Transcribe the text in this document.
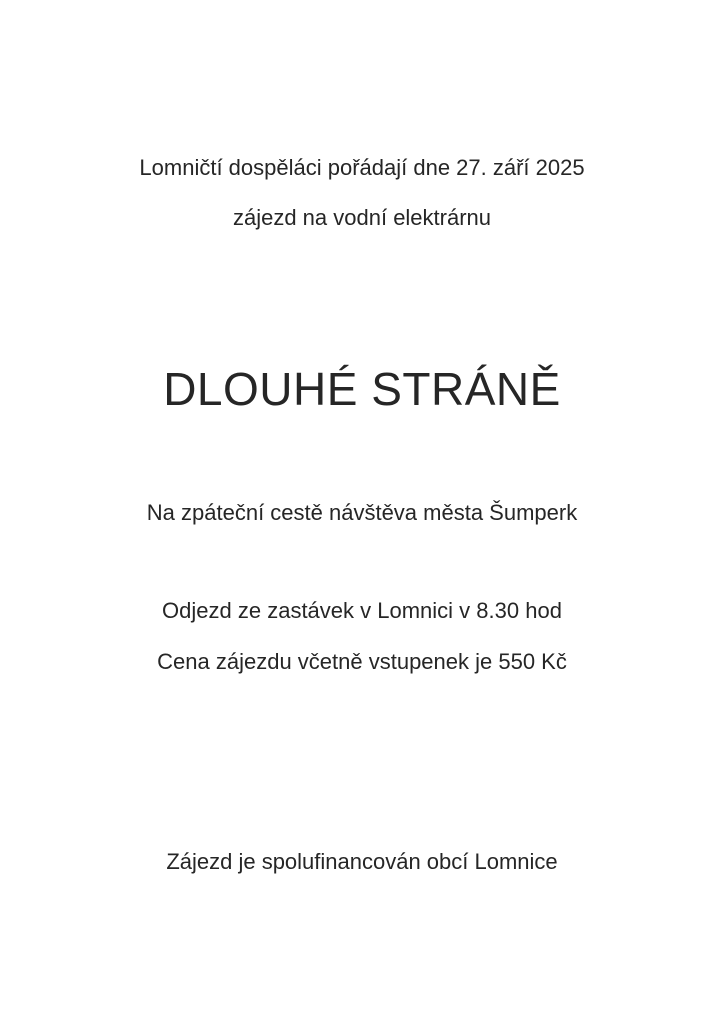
Lomničtí dospěláci pořádají dne 27. září 2025
zájezd na vodní elektrárnu
DLOUHÉ STRÁNĚ
Na zpáteční cestě návštěva města Šumperk
Odjezd ze zastávek v Lomnici v 8.30 hod
Cena zájezdu včetně vstupenek je 550 Kč
Zájezd je spolufinancován obcí Lomnice
